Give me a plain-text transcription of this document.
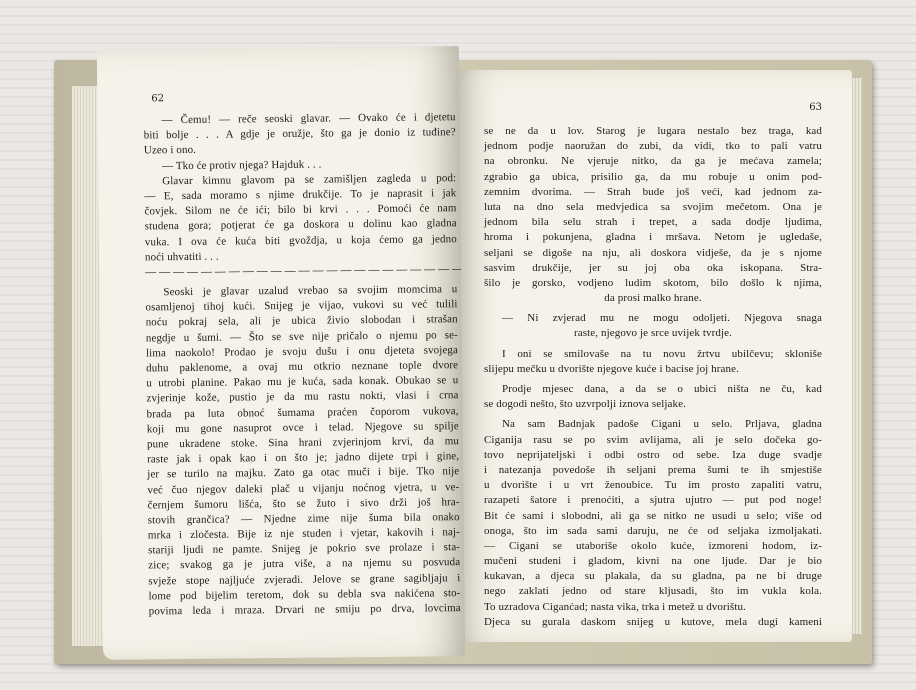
63
se ne da u lov. Starog je lugara nestalo bez traga, kad
jednom podje naoružan do zubi, da vidi, tko to pali vatru
na obronku. Ne vjeruje nitko, da ga je mećava zamela;
zgrabio ga ubica, prisilio ga, da mu robuje u onim pod-
zemnim dvorima. — Strah bude još veći, kad jednom za-
luta na dno sela medvjedica sa svojim mečetom. Ona je
jednom bila selu strah i trepet, a sada dodje ljudima,
hroma i pokunjena, gladna i mršava. Netom je ugledaše,
seljani se digoše na nju, ali doskora vidješe, da je s njome
sasvim drukčije, jer su joj oba oka iskopana. Stra-
šilo je gorsko, vodjeno ludim skotom, bilo došlo k njima,
da prosi malko hrane.
— Ni zvjerad mu ne mogu odoljeti. Njegova snaga
raste, njegovo je srce uvijek tvrdje.
I oni se smilovaše na tu novu žrtvu ubilčevu; skloniše
slijepu mečku u dvorište njegove kuće i bacise joj hrane.
Prodje mjesec dana, a da se o ubici ništa ne ču, kad
se dogodi nešto, što uzvrpolji iznova seljake.
Na sam Badnjak padoše Cigani u selo. Prljava, gladna
Ciganija rasu se po svim avlijama, ali je selo dočeka go-
tovo neprijateljski i odbi ostro od sebe. Iza duge svadje
i natezanja povedoše ih seljani prema šumi te ih smjestiše
u dvorište i u vrt ženoubice. Tu im prosto zapaliti vatru,
razapeti šatore i prenoćiti, a sjutra ujutro — put pod noge!
Bit će sami i slobodni, ali ga se nitko ne usudi u selo; više od
onoga, što im sada sami daruju, ne će od seljaka izmoljakati.
— Cigani se utaboriše okolo kuće, izmoreni hodom, iz-
mučeni studeni i gladom, kivni na one ljude. Dar je bio
kukavan, a djeca su plakala, da su gladna, pa ne bi druge
nego zaklati jedno od stare kljusadi, što im vukla kola.
To uzradova Ciganćad; nasta vika, trka i metež u dvorištu.
Djeca su gurala daskom snijeg u kutove, mela dugi kameni
62
— Čemu! — reče seoski glavar. — Ovako će i djetetu
biti bolje . . . A gdje je oružje, što ga je donio iz tuđine?
Uzeo i ono.
— Tko će protiv njega? Hajduk . . .
Glavar kimnu glavom pa se zamišljen zagleda u pod:
— E, sada moramo s njime drukčije. To je naprasit i jak
čovjek. Silom ne će ići; bilo bi krvi . . . Pomoći će nam
studena gora; potjerat će ga doskora u dolinu kao gladna
vuka. I ova će kuća biti gvoždja, u koja ćemo ga jedno
noći uhvatiti . . .
— — — — — — — — — — — — — — — — — — — — — — —
Seoski je glavar uzalud vrebao sa svojim momcima u
osamljenoj tihoj kući. Snijeg je vijao, vukovi su već tulili
noću pokraj sela, ali je ubica živio slobodan i strašan
negdje u šumi. — Što se sve nije pričalo o njemu po se-
lima naokolo! Prodao je svoju dušu i onu djeteta svojega
duhu paklenome, a ovaj mu otkrio neznane tople dvore
u utrobi planine. Pakao mu je kuća, sada konak. Obukao se u
zvjerinje kože, pustio je da mu rastu nokti, vlasi i crna
brada pa luta obnoć šumama praćen čoporom vukova,
koji mu gone nasuprot ovce i telad. Njegove su spilje
pune ukradene stoke. Sina hrani zvjerinjom krvi, da mu
raste jak i opak kao i on što je; jadno dijete trpi i gine,
jer se turilo na majku. Zato ga otac muči i bije. Tko nije
već čuo njegov daleki plač u vijanju noćnog vjetra, u ve-
černjem šumoru lišća, što se žuto i sivo drži još hra-
stovih grančica? — Njedne zime nije šuma bila onako
mrka i zločesta. Bije iz nje studen i vjetar, kakovih i naj-
stariji ljudi ne pamte. Snijeg je pokrio sve prolaze i sta-
zice; svakog ga je jutra više, a na njemu su posvuda
svježe stope najljuće zvjeradi. Jelove se grane sagibljaju i
lome pod bijelim teretom, dok su debla sva nakićena sto-
povima leda i mraza. Drvari ne smiju po drva, lovcima
